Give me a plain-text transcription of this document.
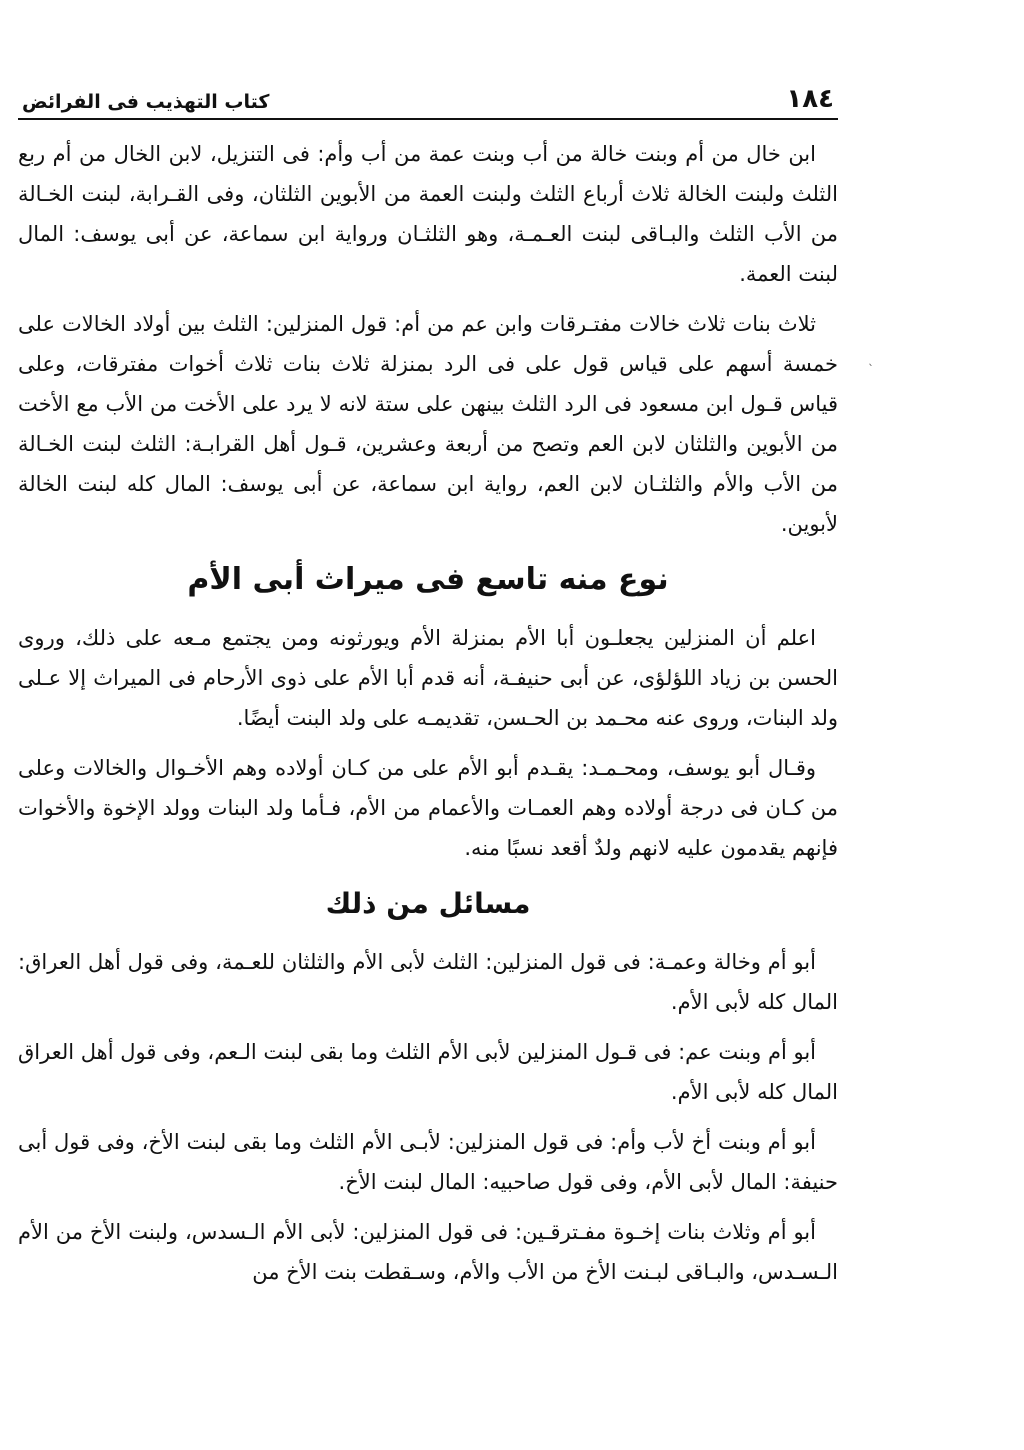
ˎ
١٨٤
كتاب التهذيب فى الفرائض

ابن خال من أم وبنت خالة من أب وبنت عمة من أب وأم: فى التنزيل، لابن الخال من أم ربع الثلث ولبنت الخالة ثلاث أرباع الثلث ولبنت العمة من الأبوين الثلثان، وفى القـرابة، لبنت الخـالة من الأب الثلث والبـاقى لبنت العـمـة، وهو الثلثـان ورواية ابن سماعة، عن أبى يوسف: المال لبنت العمة.

ثلاث بنات ثلاث خالات مفتـرقات وابن عم من أم: قول المنزلين: الثلث بين أولاد الخالات على خمسة أسهم على قياس قول على فى الرد بمنزلة ثلاث بنات ثلاث أخوات مفترقات، وعلى قياس قـول ابن مسعود فى الرد الثلث بينهن على ستة لانه لا يرد على الأخت من الأب مع الأخت من الأبوين والثلثان لابن العم وتصح من أربعة وعشرين، قـول أهل القرابـة: الثلث لبنت الخـالة من الأب والأم والثلثـان لابن العم، رواية ابن سماعة، عن أبى يوسف: المال كله لبنت الخالة لأبوين.

نوع منه تاسع فى ميراث أبى الأم

اعلم أن المنزلين يجعلـون أبا الأم بمنزلة الأم ويورثونه ومن يجتمع مـعه على ذلك، وروى الحسن بن زياد اللؤلؤى، عن أبى حنيفـة، أنه قدم أبا الأم على ذوى الأرحام فى الميراث إلا عـلى ولد البنات، وروى عنه محـمد بن الحـسن، تقديمـه على ولد البنت أيضًا.

وقـال أبو يوسف، ومحـمـد: يقـدم أبو الأم على من كـان أولاده وهم الأخـوال والخالات وعلى من كـان فى درجة أولاده وهم العمـات والأعمام من الأم، فـأما ولد البنات وولد الإخوة والأخوات فإنهم يقدمون عليه لانهم ولدٌ أقعد نسبًا منه.

مسائل من ذلك

أبو أم وخالة وعمـة: فى قول المنزلين: الثلث لأبى الأم والثلثان للعـمة، وفى قول أهل العراق: المال كله لأبى الأم.

أبو أم وبنت عم: فى قـول المنزلين لأبى الأم الثلث وما بقى لبنت الـعم، وفى قول أهل العراق المال كله لأبى الأم.

أبو أم وبنت أخ لأب وأم: فى قول المنزلين: لأبـى الأم الثلث وما بقى لبنت الأخ، وفى قول أبى حنيفة: المال لأبى الأم، وفى قول صاحبيه: المال لبنت الأخ.

أبو أم وثلاث بنات إخـوة مفـترقـين: فى قول المنزلين: لأبى الأم الـسدس، ولبنت الأخ من الأم الـسـدس، والبـاقى لبـنت الأخ من الأب والأم، وسـقطت بنت الأخ من
